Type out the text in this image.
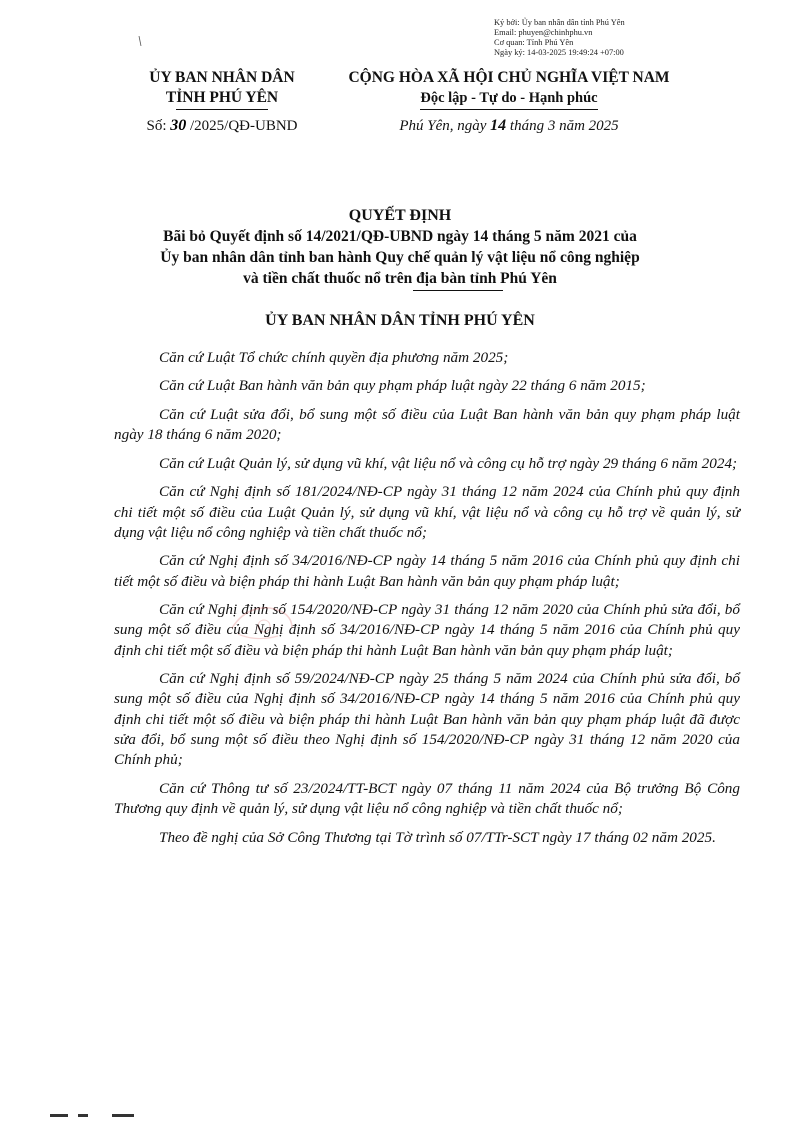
Ký bởi: Ủy ban nhân dân tỉnh Phú Yên
Email: phuyen@chinhphu.vn
Cơ quan: Tỉnh Phú Yên
Ngày ký: 14-03-2025 19:49:24 +07:00
ỦY BAN NHÂN DÂN
TỈNH PHÚ YÊN
Số: 30 /2025/QĐ-UBND
CỘNG HÒA XÃ HỘI CHỦ NGHĨA VIỆT NAM
Độc lập - Tự do - Hạnh phúc
Phú Yên, ngày 14 tháng 3 năm 2025
QUYẾT ĐỊNH
Bãi bỏ Quyết định số 14/2021/QĐ-UBND ngày 14 tháng 5 năm 2021 của
Ủy ban nhân dân tỉnh ban hành Quy chế quản lý vật liệu nổ công nghiệp
và tiền chất thuốc nổ trên địa bàn tỉnh Phú Yên
ỦY BAN NHÂN DÂN TỈNH PHÚ YÊN

Căn cứ Luật Tổ chức chính quyền địa phương năm 2025;

Căn cứ Luật Ban hành văn bản quy phạm pháp luật ngày 22 tháng 6 năm 2015;

Căn cứ Luật sửa đổi, bổ sung một số điều của Luật Ban hành văn bản quy phạm pháp luật ngày 18 tháng 6 năm 2020;

Căn cứ Luật Quản lý, sử dụng vũ khí, vật liệu nổ và công cụ hỗ trợ ngày 29 tháng 6 năm 2024;

Căn cứ Nghị định số 181/2024/NĐ-CP ngày 31 tháng 12 năm 2024 của Chính phủ quy định chi tiết một số điều của Luật Quản lý, sử dụng vũ khí, vật liệu nổ và công cụ hỗ trợ về quản lý, sử dụng vật liệu nổ công nghiệp và tiền chất thuốc nổ;

Căn cứ Nghị định số 34/2016/NĐ-CP ngày 14 tháng 5 năm 2016 của Chính phủ quy định chi tiết một số điều và biện pháp thi hành Luật Ban hành văn bản quy phạm pháp luật;

Căn cứ Nghị định số 154/2020/NĐ-CP ngày 31 tháng 12 năm 2020 của Chính phủ sửa đổi, bổ sung một số điều của Nghị định số 34/2016/NĐ-CP ngày 14 tháng 5 năm 2016 của Chính phủ quy định chi tiết một số điều và biện pháp thi hành Luật Ban hành văn bản quy phạm pháp luật;

Căn cứ Nghị định số 59/2024/NĐ-CP ngày 25 tháng 5 năm 2024 của Chính phủ sửa đổi, bổ sung một số điều của Nghị định số 34/2016/NĐ-CP ngày 14 tháng 5 năm 2016 của Chính phủ quy định chi tiết một số điều và biện pháp thi hành Luật Ban hành văn bản quy phạm pháp luật đã được sửa đổi, bổ sung một số điều theo Nghị định số 154/2020/NĐ-CP ngày 31 tháng 12 năm 2020 của Chính phủ;

Căn cứ Thông tư số 23/2024/TT-BCT ngày 07 tháng 11 năm 2024 của Bộ trưởng Bộ Công Thương quy định về quản lý, sử dụng vật liệu nổ công nghiệp và tiền chất thuốc nổ;

Theo đề nghị của Sở Công Thương tại Tờ trình số 07/TTr-SCT ngày 17 tháng 02 năm 2025.
